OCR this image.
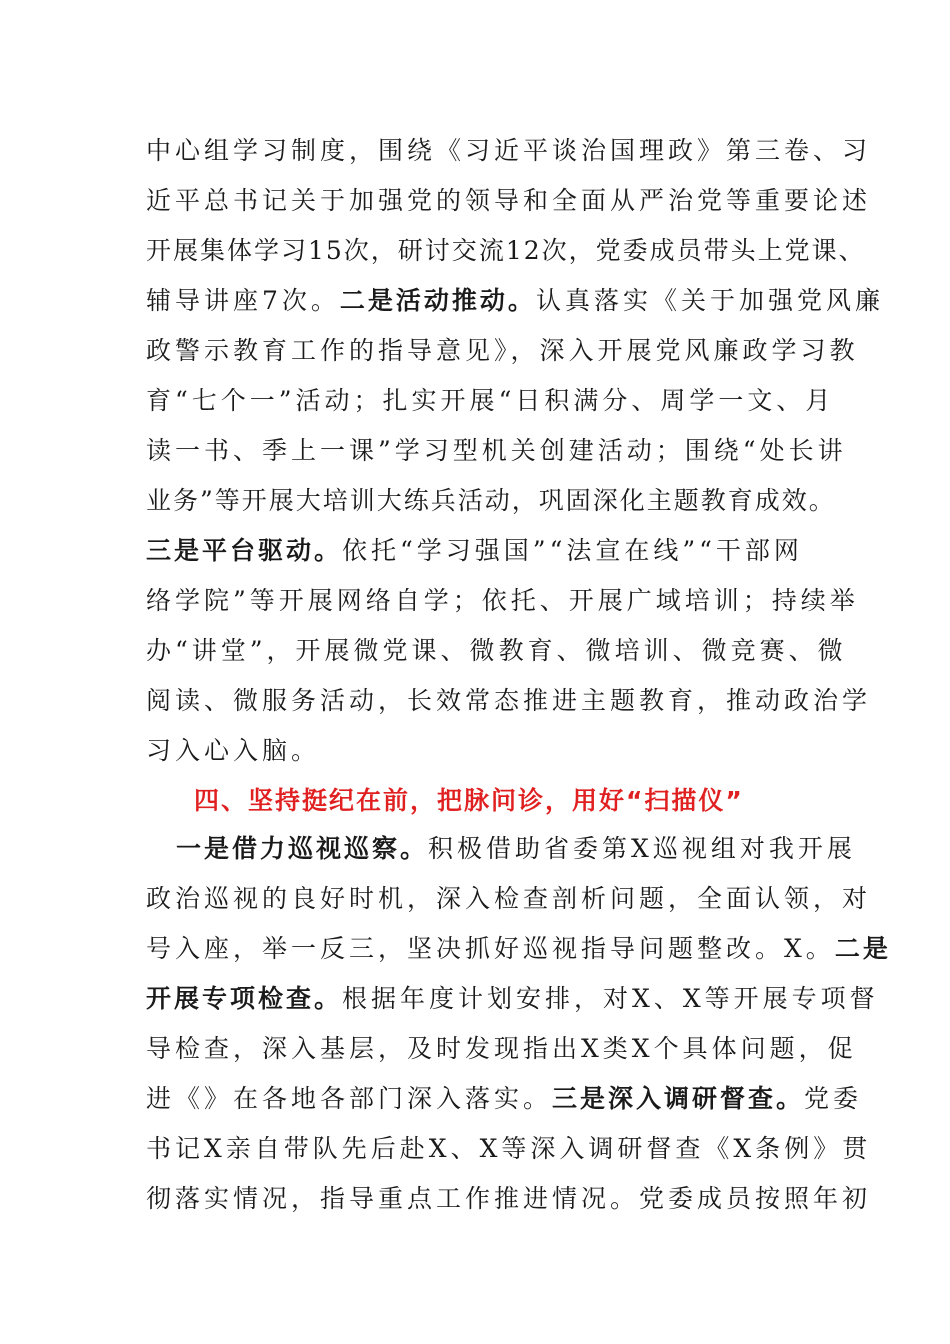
中心组学习制度，围绕《习近平谈治国理政》第三卷、习
近平总书记关于加强党的领导和全面从严治党等重要论述
开展集体学习15次，研讨交流12次，党委成员带头上党课、
辅导讲座7次。二是活动推动。认真落实《关于加强党风廉
政警示教育工作的指导意见》，深入开展党风廉政学习教
育“七个一”活动；扎实开展“日积满分、周学一文、月
读一书、季上一课”学习型机关创建活动；围绕“处长讲
业务”等开展大培训大练兵活动，巩固深化主题教育成效。
三是平台驱动。依托“学习强国”“法宣在线”“干部网
络学院”等开展网络自学；依托、开展广域培训；持续举
办“讲堂”，开展微党课、微教育、微培训、微竞赛、微
阅读、微服务活动，长效常态推进主题教育，推动政治学
习入心入脑。
四、坚持挺纪在前，把脉问诊，用好“扫描仪”
一是借力巡视巡察。积极借助省委第X巡视组对我开展
政治巡视的良好时机，深入检查剖析问题，全面认领，对
号入座，举一反三，坚决抓好巡视指导问题整改。X。二是
开展专项检查。根据年度计划安排，对X、X等开展专项督
导检查，深入基层，及时发现指出X类X个具体问题，促
进《》在各地各部门深入落实。三是深入调研督查。党委
书记X亲自带队先后赴X、X等深入调研督查《X条例》贯
彻落实情况，指导重点工作推进情况。党委成员按照年初
